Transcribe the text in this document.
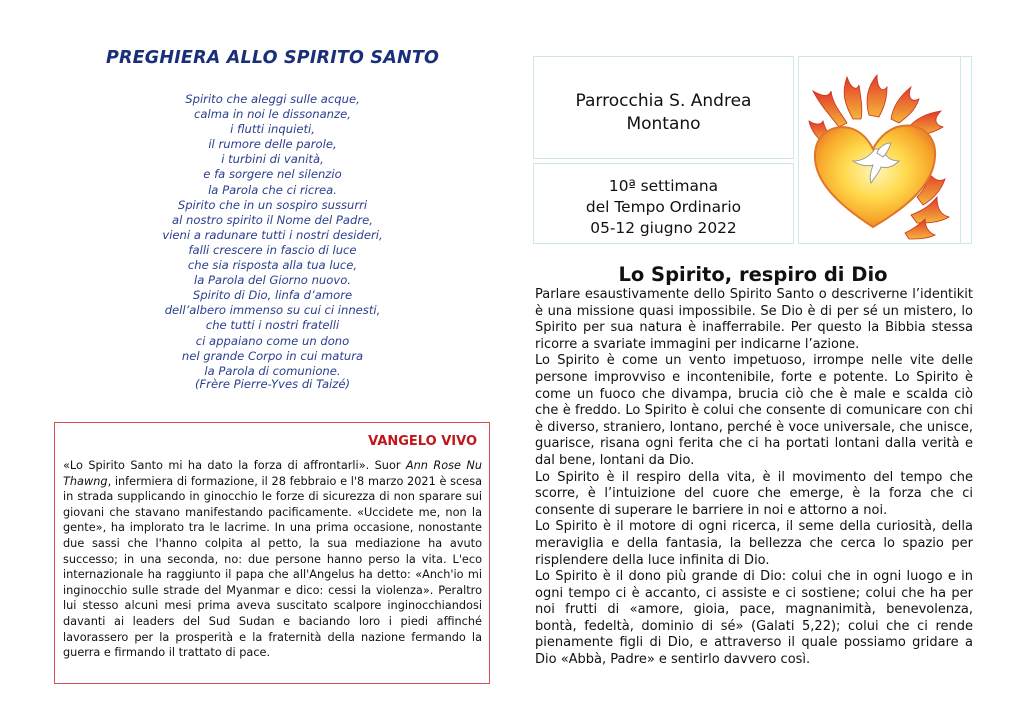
PREGHIERA ALLO SPIRITO SANTO
Spirito che aleggi sulle acque,
calma in noi le dissonanze,
i flutti inquieti,
il rumore delle parole,
i turbini di vanità,
e fa sorgere nel silenzio
la Parola che ci ricrea.
Spirito che in un sospiro sussurri
al nostro spirito il Nome del Padre,
vieni a radunare tutti i nostri desideri,
falli crescere in fascio di luce
che sia risposta alla tua luce,
la Parola del Giorno nuovo.
Spirito di Dio, linfa d’amore
dell’albero immenso su cui ci innesti,
che tutti i nostri fratelli
ci appaiano come un dono
nel grande Corpo in cui matura
la Parola di comunione.
(Frère Pierre-Yves di Taizé)
VANGELO VIVO
«Lo Spirito Santo mi ha dato la forza di affrontarli». Suor Ann Rose Nu Thawng, infermiera di formazione, il 28 febbraio e l'8 marzo 2021 è scesa in strada supplicando in ginocchio le forze di sicurezza di non sparare sui giovani che stavano manifestando pacificamente. «Uccidete me, non la gente», ha implorato tra le lacrime. In una prima occasione, nonostante due sassi che l'hanno colpita al petto, la sua mediazione ha avuto successo; in una seconda, no: due persone hanno perso la vita. L'eco internazionale ha raggiunto il papa che all'Angelus ha detto: «Anch'io mi inginocchio sulle strade del Myanmar e dico: cessi la violenza». Peraltro lui stesso alcuni mesi prima aveva suscitato scalpore inginocchiandosi davanti ai leaders del Sud Sudan e baciando loro i piedi affinché lavorassero per la prosperità e la fraternità della nazione fermando la guerra e firmando il trattato di pace.
Parrocchia S. Andrea
Montano
10ª settimana
del Tempo Ordinario
05-12 giugno 2022
Lo Spirito, respiro di Dio

Parlare esaustivamente dello Spirito Santo o descriverne l’identikit è una missione quasi impossibile. Se Dio è di per sé un mistero, lo Spirito per sua natura è inafferrabile. Per questo la Bibbia stessa ricorre a svariate immagini per indicarne l’azione.

Lo Spirito è come un vento impetuoso, irrompe nelle vite delle persone improvviso e incontenibile, forte e potente. Lo Spirito è come un fuoco che divampa, brucia ciò che è male e scalda ciò che è freddo. Lo Spirito è colui che consente di comunicare con chi è diverso, straniero, lontano, perché è voce universale, che unisce, guarisce, risana ogni ferita che ci ha portati lontani dalla verità e dal bene, lontani da Dio.

Lo Spirito è il respiro della vita, è il movimento del tempo che scorre, è l’intuizione del cuore che emerge, è la forza che ci consente di superare le barriere in noi e attorno a noi.

Lo Spirito è il motore di ogni ricerca, il seme della curiosità, della meraviglia e della fantasia, la bellezza che cerca lo spazio per risplendere della luce infinita di Dio.

Lo Spirito è il dono più grande di Dio: colui che in ogni luogo e in ogni tempo ci è accanto, ci assiste e ci sostiene; colui che ha per noi frutti di «amore, gioia, pace, magnanimità, benevolenza, bontà, fedeltà, dominio di sé» (Galati 5,22); colui che ci rende pienamente figli di Dio, e attraverso il quale possiamo gridare a Dio «Abbà, Padre» e sentirlo davvero così.
